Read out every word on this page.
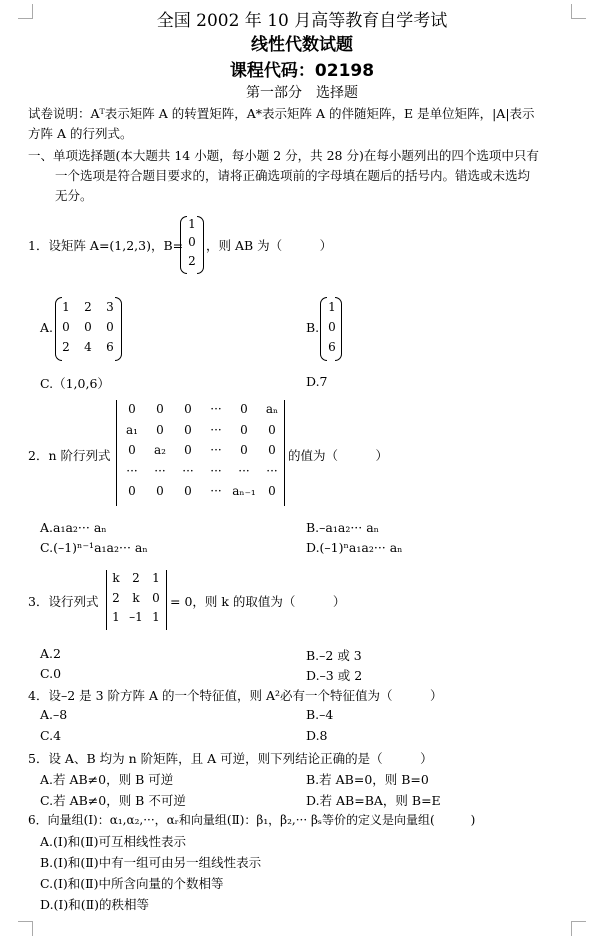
全国 2002 年 10 月高等教育自学考试
线性代数试题
课程代码：02198
第一部分　选择题
试卷说明：Aᵀ表示矩阵 A 的转置矩阵，A*表示矩阵 A 的伴随矩阵，E 是单位矩阵，|A|表示
方阵 A 的行列式。
一、单项选择题(本大题共 14 小题，每小题 2 分，共 28 分)在每小题列出的四个选项中只有
一个选项是符合题目要求的，请将正确选项前的字母填在题后的括号内。错选或未选均
无分。
1．设矩阵 A=(1,2,3)，B=
1
0
2
，则 AB 为（　　　）
A.
1	2	3
0	0	0
2	4	6
B.
1
0
6
C.（1,0,6）	D.7
2．n 阶行列式
0	0	0	···	0	aₙ
a₁	0	0	···	0	0
0	a₂	0	···	0	0
···	···	···	···	···	···
0	0	0	··· aₙ₋₁	0
的值为（　　　）
A.a₁a₂··· aₙ	B.–a₁a₂··· aₙ
C.(–1)ⁿ⁻¹a₁a₂··· aₙ	D.(–1)ⁿa₁a₂··· aₙ
3．设行列式
k	2	1
2	k	0
1 –1 1
= 0，则 k 的取值为（　　　）
A.2	B.–2 或 3
C.0	D.–3 或 2
4．设–2 是 3 阶方阵 A 的一个特征值，则 A²必有一个特征值为（　　　）
A.–8	B.–4
C.4	D.8
5．设 A、B 均为 n 阶矩阵，且 A 可逆，则下列结论正确的是（　　　）
A.若 AB≠0，则 B 可逆	B.若 AB=0，则 B=0
C.若 AB≠0，则 B 不可逆	D.若 AB=BA，则 B=E
6．向量组(Ⅰ)：α₁,α₂,···，αᵣ和向量组(Ⅱ)：β₁，β₂,··· βₛ等价的定义是向量组(　　　)
A.(Ⅰ)和(Ⅱ)可互相线性表示
B.(Ⅰ)和(Ⅱ)中有一组可由另一组线性表示
C.(Ⅰ)和(Ⅱ)中所含向量的个数相等
D.(Ⅰ)和(Ⅱ)的秩相等
